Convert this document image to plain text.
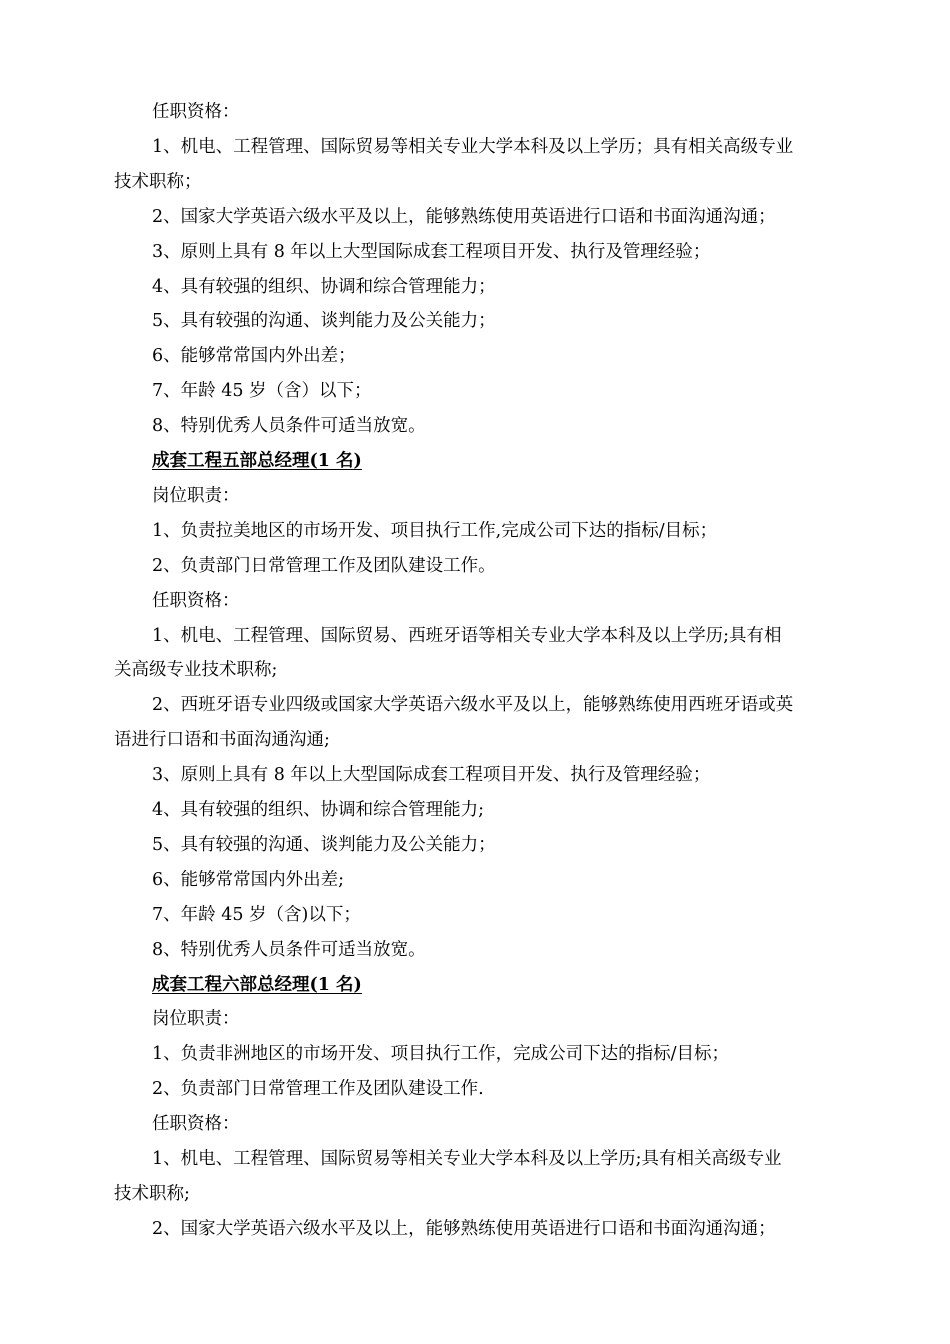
任职资格：
1、机电、工程管理、国际贸易等相关专业大学本科及以上学历；具有相关高级专业
技术职称；
2、国家大学英语六级水平及以上，能够熟练使用英语进行口语和书面沟通沟通；
3、原则上具有 8 年以上大型国际成套工程项目开发、执行及管理经验；
4、具有较强的组织、协调和综合管理能力；
5、具有较强的沟通、谈判能力及公关能力；
6、能够常常国内外出差；
7、年龄 45 岁（含）以下；
8、特别优秀人员条件可适当放宽。
成套工程五部总经理(1 名)
岗位职责：
1、负责拉美地区的市场开发、项目执行工作,完成公司下达的指标/目标；
2、负责部门日常管理工作及团队建设工作。
任职资格：
1、机电、工程管理、国际贸易、西班牙语等相关专业大学本科及以上学历;具有相
关高级专业技术职称;
2、西班牙语专业四级或国家大学英语六级水平及以上，能够熟练使用西班牙语或英
语进行口语和书面沟通沟通;
3、原则上具有 8 年以上大型国际成套工程项目开发、执行及管理经验；
4、具有较强的组织、协调和综合管理能力;
5、具有较强的沟通、谈判能力及公关能力；
6、能够常常国内外出差;
7、年龄 45 岁（含)以下；
8、特别优秀人员条件可适当放宽。
成套工程六部总经理(1 名)
岗位职责：
1、负责非洲地区的市场开发、项目执行工作，完成公司下达的指标/目标；
2、负责部门日常管理工作及团队建设工作.
任职资格：
1、机电、工程管理、国际贸易等相关专业大学本科及以上学历;具有相关高级专业
技术职称;
2、国家大学英语六级水平及以上，能够熟练使用英语进行口语和书面沟通沟通；
